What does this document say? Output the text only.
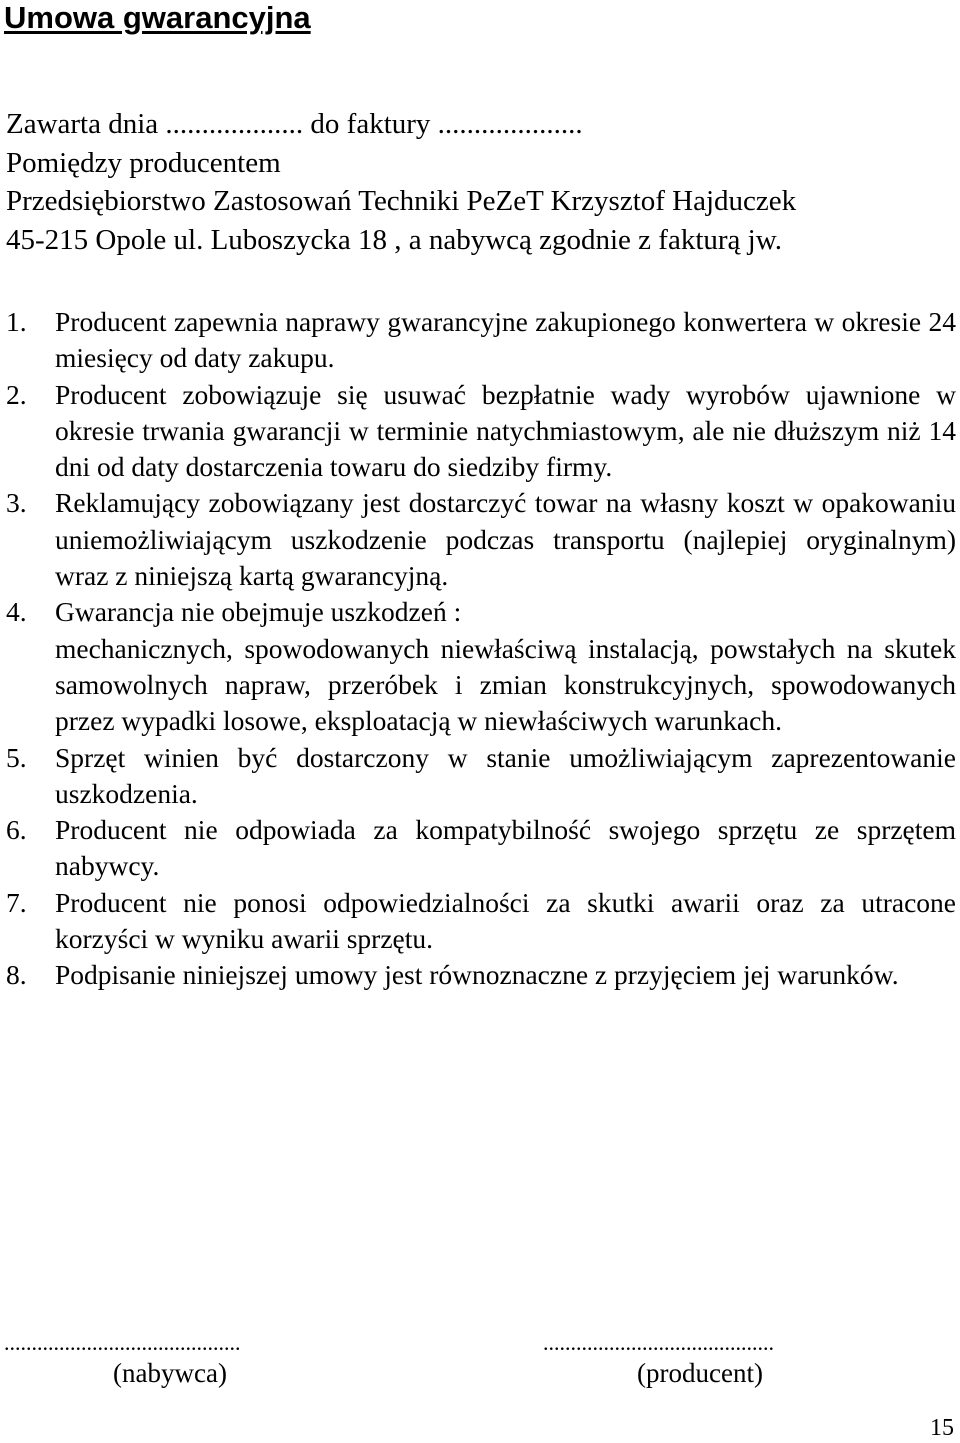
Umowa gwarancyjna
Zawarta dnia ................... do faktury ....................
Pomiędzy producentem
Przedsiębiorstwo Zastosowań Techniki PeZeT Krzysztof Hajduczek
45-215 Opole ul. Luboszycka 18 , a nabywcą zgodnie z fakturą jw.
1.	Producent zapewnia naprawy gwarancyjne zakupionego konwertera w okresie 24 miesięcy od daty zakupu.
2.	Producent zobowiązuje się usuwać bezpłatnie wady wyrobów ujawnione w okresie trwania gwarancji w terminie natychmiastowym, ale nie dłuższym niż 14 dni od daty dostarczenia towaru do siedziby firmy.
3.	Reklamujący zobowiązany jest dostarczyć towar na własny koszt w opakowaniu uniemożliwiającym uszkodzenie podczas transportu (najlepiej oryginalnym) wraz z niniejszą kartą gwarancyjną.
4.	Gwarancja nie obejmuje uszkodzeń :
mechanicznych, spowodowanych niewłaściwą instalacją, powstałych na skutek samowolnych napraw, przeróbek i zmian konstrukcyjnych, spowodowanych przez wypadki losowe, eksploatacją w niewłaściwych warunkach.
5.	Sprzęt winien być dostarczony w stanie umożliwiającym zaprezentowanie uszkodzenia.
6.	Producent nie odpowiada za kompatybilność swojego sprzętu ze sprzętem nabywcy.
7.	Producent nie ponosi odpowiedzialności za skutki awarii oraz za utracone korzyści w wyniku awarii sprzętu.
8.	Podpisanie niniejszej umowy jest równoznaczne z przyjęciem jej warunków.
...........................................
(nabywca)
..........................................
(producent)
15
